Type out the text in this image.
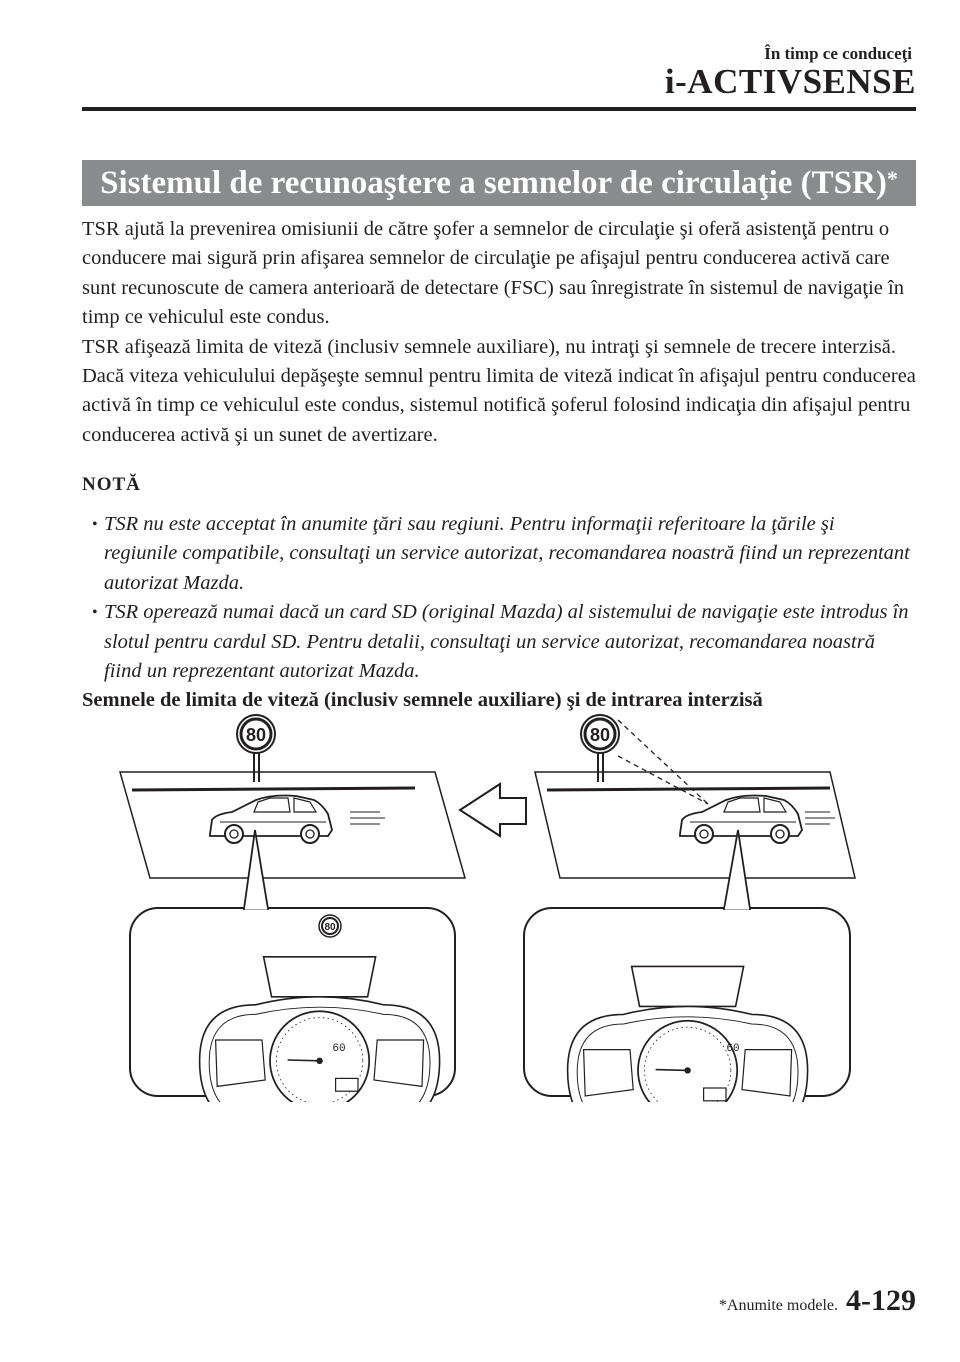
În timp ce conduceţi
i-ACTIVSENSE
Sistemul de recunoaştere a semnelor de circulaţie (TSR)*

TSR ajută la prevenirea omisiunii de către şofer a semnelor de circulaţie şi oferă asistenţă pentru o conducere mai sigură prin afişarea semnelor de circulaţie pe afişajul pentru conducerea activă care sunt recunoscute de camera anterioară de detectare (FSC) sau înregistrate în sistemul de navigaţie în timp ce vehiculul este condus.

TSR afişează limita de viteză (inclusiv semnele auxiliare), nu intraţi şi semnele de trecere interzisă.

Dacă viteza vehiculului depăşeşte semnul pentru limita de viteză indicat în afişajul pentru conducerea activă în timp ce vehiculul este condus, sistemul notifică şoferul folosind indicaţia din afişajul pentru conducerea activă şi un sunet de avertizare.

NOTĂ
• TSR nu este acceptat în anumite ţări sau regiuni. Pentru informaţii referitoare la ţările şi regiunile compatibile, consultaţi un service autorizat, recomandarea noastră fiind un reprezentant autorizat Mazda.
• TSR operează numai dacă un card SD (original Mazda) al sistemului de navigaţie este introdus în slotul pentru cardul SD. Pentru detalii, consultaţi un service autorizat, recomandarea noastră fiind un reprezentant autorizat Mazda.
Semnele de limita de viteză (inclusiv semnele auxiliare) şi de intrarea interzisă
80	80
80
60	60
*Anumite modele. 4-129
